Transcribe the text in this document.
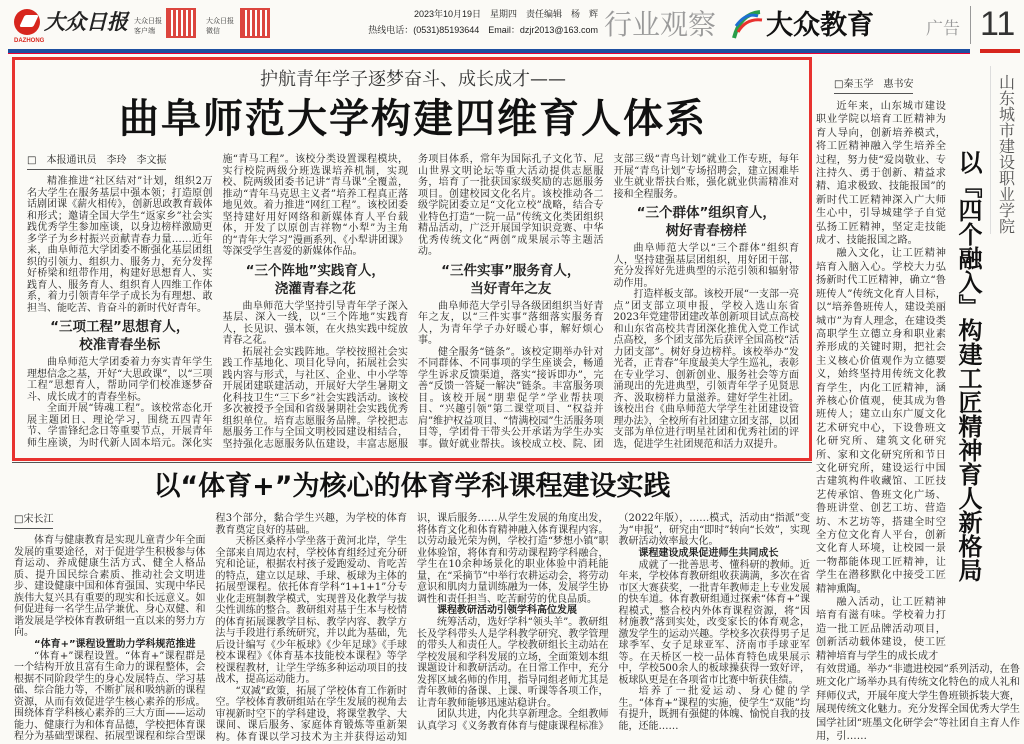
大众日报
DAZHONG
大众日报客户端
大众日报微信
2023年10月19日　星期四　责任编辑　杨　辉
热线电话：(0531)85193644　Email：dzjr2013@163.com 行业观察 大众教育	广告 11
护航青年学子逐梦奋斗、成长成才——
曲阜师范大学构建四维育人体系
□　本报通讯员　李玲　李文振

精准推进“社区结对”计划，组织2万名大学生在服务基层中强本领；打造原创话剧团课《薪火相传》，创新思政教育载体和形式；邀请全国大学生“返家乡”社会实践优秀学生参加座谈，以身边榜样激励更多学子为乡村振兴贡献青春力量……近年来，曲阜师范大学团委不断强化基层团组织的引领力、组织力、服务力，充分发挥好桥梁和纽带作用，构建好思想育人、实践育人、服务育人、组织育人四维工作体系，着力引领青年学子成长为有理想、敢担当、能吃苦、肯奋斗的新时代好青年。

“三项工程”思想育人，
校准青春坐标

曲阜师范大学团委着力夯实青年学生理想信念之基，开好“大思政课”，以“三项工程”思想育人，帮助同学们校准逐梦奋斗、成长成才的青春坐标。

全面开展“铸魂工程”。该校常态化开展主题团日、理论学习，围绕五四青年节、学雷锋纪念日等重要节点，开展青年师生座谈，为时代新人固本培元。深化实施“青马工程”。该校分类设置课程模块，实行校院两级分班选课培养机制，实现校、院两级团委书记讲“青马课”全覆盖，推动“青年马克思主义者”培养工程真正落地见效。着力推进“网红工程”。该校团委坚持建好用好网络和新媒体育人平台载体，开发了以原创吉祥物“小犁”为主角的“青年大学习”漫画系列、《小犁讲团课》等深受学生喜爱的新媒体作品。

“三个阵地”实践育人，
浇灌青春之花

曲阜师范大学坚持引导青年学子深入基层、深入一线，以“三个阵地”实践育人，长见识、强本领，在火热实践中绽放青春之花。

拓展社会实践阵地。学校按照社会实践工作基地化、项目化导向，拓展社会实践内容与形式，与社区、企业、中小学等开展团建联建活动，开展好大学生暑期文化科技卫生“三下乡”社会实践活动。该校多次被授予全国和省级暑期社会实践优秀组织单位。培育志愿服务品牌。学校把志愿服务工作与全国文明校园建设相结合，坚持强化志愿服务队伍建设，丰富志愿服务项目体系，常年为国际孔子文化节、尼山世界文明论坛等重大活动提供志愿服务，培育了一批获国家级奖励的志愿服务项目。创建校园文化名片。该校推动各二级学院团委立足“文化立校”战略，结合专业特色打造“一院一品”传统文化类团组织精品活动，广泛开展国学知识竞赛、中华优秀传统文化“两创”成果展示等主题活动。

“三件实事”服务育人，
当好青年之友

曲阜师范大学引导各级团组织当好青年之友，以“三件实事”落细落实服务育人，为青年学子办好暖心事，解好烦心事。

健全服务“链条”。该校定期举办针对不同群体、不同事项的学生座谈会，畅通学生诉求反馈渠道，落实“接诉即办”，完善“反馈一答疑一解决”链条。丰富服务项目。该校开展“朋辈促学”学业帮扶项目、“兴趣引领”第二课堂项目、“权益并肩”维护权益项目、“情满校园”生活服务项目等，学团骨干带头公开承诺为学生办实事。做好就业帮扶。该校成立校、院、团支部三级“青鸟计划”就业工作专班，每年开展“青鸟计划”专场招聘会，建立困难毕业生就业帮扶台账，强化就业供需精准对接和全程服务。

“三个群体”组织育人，
树好青春榜样

曲阜师范大学以“三个群体”组织育人，坚持建强基层团组织，用好团干部，充分发挥好先进典型的示范引领和辐射带动作用。

打造样板支部。该校开展“一支部一亮点”团支部立项申报，学校入选山东省2023年党建带团建改革创新项目试点高校和山东省高校共青团深化推优入党工作试点高校，多个团支部先后获评全国高校“活力团支部”。树好身边榜样。该校举办“发光者，正青春”年度最美大学生巡礼，表彰在专业学习、创新创业、服务社会等方面涌现出的先进典型，引领青年学子见贤思齐、汲取榜样力量滋养。建好学生社团。该校出台《曲阜师范大学学生社团建设管理办法》，全校所有社团建立团支部，以团支部为单位进行明星社团和优秀社团的评选，促进学生社团规范和活力双提升。

以“体育+”为核心的体育学科课程建设实践
□宋长江

体育与健康教育是实现儿童青少年全面发展的重要途径，对于促进学生积极参与体育运动、养成健康生活方式、健全人格品质、提升国民综合素质、推动社会文明进步、建设健康中国和体育强国、实现中华民族伟大复兴具有重要的现实和长远意义。如何促进每一名学生品学兼优、身心双健、和谐发展是学校体育教研组一直以来的努力方向。

“体育+”课程设置助力学科规范推进

“体育+”课程设置。“体育+”课程群是一个结构开放且富有生命力的课程整体，会根据不同阶段学生的身心发展特点、学习基础、综合能力等，不断扩展和吸纳新的课程资源，从而有效促进学生核心素养的形成。围绕体育学科核心素养的三大方面——运动能力、健康行为和体育品德，学校把体育课程分为基础型课程、拓展型课程和综合型课程3个部分，黏合学生兴趣，为学校的体育教育奠定良好的基础。

天桥区桑梓小学坐落于黄河北岸，学生全部来自周边农村，学校体育组经过充分研究和论证，根据农村孩子爱跑爱动、肯吃苦的特点，建立以足球、手球、板球为主体的拓展型课程。依托体育学科“1+1+1”分专业化走班制教学模式，实现普及化教学与拔尖性训练的整合。教研组对基于生本与校情的体育拓展课教学目标、教学内容、教学方法与手段进行系统研究，并以此为基础，先后设计编写《少年板球》《少年足球》《手球校本课程》《体育基本技能校本课程》等学校课程教材，让学生学练多种运动项目的技战术，提高运动能力。

“双减”政策，拓展了学校体育工作新时空。学校体育教研组站在学生发展的视角去审视新时空下的学科建设，将课堂教学、大课间、课后服务、家庭体育锻炼等重新架构。体育课以学习技术为主并获得运动知识，课后服务……从学生发展的角度出发，将体育文化和体育精神融入体育课程内容。以劳动最光荣为例，学校打造“梦想小镇”职业体验馆，将体育和劳动课程跨学科融合，学生在10余种场景化的职业体验中消耗能量，在“采摘节”中举行农耕运动会，将劳动意识和肌肉力量训练融为一体，发展学生协调性和责任担当、吃苦耐劳的优良品质。

课程教研活动引领学科高位发展

统筹活动，选好学科“领头羊”。教研组长及学科带头人是学科教学研究、教学管理的带头人和责任人。学校教研组长主动站在学校发展和学科发展的立场，全面策划本组课题设计和教研活动。在日常工作中，充分发挥区域名师的作用，指导同组老师尤其是青年教师的备课、上课、听课等各项工作，让青年教师能够迅速站稳讲台。

团队共进，内化共享新理念。全组教师认真学习《义务教育体育与健康课程标准》（2022年版），……模式，活动由“指派”变为“申报”，研究由“即时”转向“长效”，实现教研活动效率最大化。

课程建设成果促进师生共同成长

成就了一批善思考、懂科研的教师。近年来，学校体育教研组收获满满，多次在省市区大赛获奖，一批青年教师走上专业发展的快车道。体育教研组通过探索“体育+”课程模式，整合校内外体育课程资源，将“因材施教”落到实处，改变家长的体育观念，激发学生的运动兴趣。学校多次获得男子足球季军、女子足球亚军、济南市手球亚军等。在天桥区一校一品体育特色成果展示中，学校500余人的板球操获得一致好评，板球队更是在各项省市比赛中斩获佳绩。

培养了一批爱运动、身心健的学生。“体育+”课程的实施，使学生“双能”均有提升，既拥有强健的体魄、愉悦自我的技能，还能……

□秦玉学　惠书安

近年来，山东城市建设职业学院以培育工匠精神为育人导向，创新培养模式，将工匠精神融入学生培养全过程，努力使“爱岗敬业、专注持久、勇于创新、精益求精、追求极致、技能报国”的新时代工匠精神深入广大师生心中，引导城建学子自觉弘扬工匠精神，坚定走技能成才、技能报国之路。

融入文化，让工匠精神培育入脑入心。学校大力弘扬新时代工匠精神，确立“鲁班传人”传统文化育人目标，以“培养鲁班传人，建设美丽城市”为育人理念，在建设类高职学生立德立身和职业素养形成的关键时期，把社会主义核心价值观作为立德要义，始终坚持用传统文化教育学生，内化工匠精神，涵养核心价值观，使其成为鲁班传人；建立山东广厦文化艺术研究中心，下设鲁班文化研究所、建筑文化研究所、家和文化研究所和节日文化研究所，建设运行中国古建筑构件收藏馆、工匠技艺传承馆、鲁班文化广场、鲁班讲堂、创艺工坊、营造坊、木艺坊等，搭建全时空全方位文化育人平台，创新文化育人环境，让校园一景一物都能体现工匠精神，让学生在潜移默化中接受工匠精神熏陶。

融入活动，让工匠精神培育有滋有味。学校着力打造一批工匠品牌活动项目，创新活动载体建设，使工匠精神培育与学生的成长成才

以『四个融入』构建工匠精神育人新格局 山东城市建设职业学院
有效贯通。举办“非遗进校园”系列活动，在鲁班文化广场举办具有传统文化特色的成人礼和拜师仪式，开展年度大学生鲁班锁拆装大赛，展现传统文化魅力。充分发挥全国优秀大学生国学社团“班墨文化研学会”等社团自主育人作用，引……
